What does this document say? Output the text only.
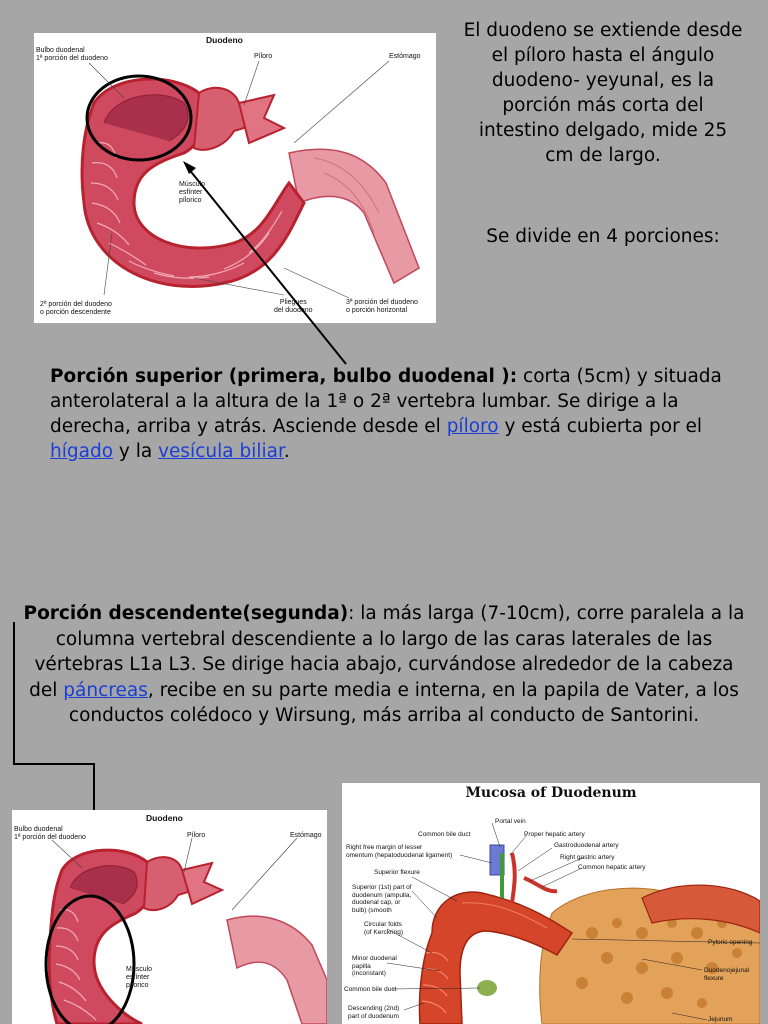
El duodeno se extiende desde el píloro hasta el ángulo duodeno- yeyunal, es la porción más corta del intestino delgado, mide 25 cm de largo.

Se divide en 4 porciones:

Duodeno
Bulbo duodenal
1ª porción del duodeno	Píloro	Estómago
Músculo
esfínter
pílorico
2ª porción del duodeno
o porción descendente
Pliegues
del duodeno
3ª porción del duodeno
o porción horizontal
Porción superior (primera, bulbo duodenal ): corta (5cm) y situada anterolateral a la altura de la 1ª o 2ª vertebra lumbar. Se dirige a la derecha, arriba y atrás. Asciende desde el píloro y está cubierta por el hígado y la vesícula biliar.
Porción descendente(segunda): la más larga (7-10cm), corre paralela a la columna vertebral descendiente a lo largo de las caras laterales de las vértebras L1a L3. Se dirige hacia abajo, curvándose alrededor de la cabeza del páncreas, recibe en su parte media e interna, en la papila de Vater, a los conductos colédoco y Wirsung, más arriba al conducto de Santorini.
Duodeno
Bulbo duodenal
1ª porción del duodeno	Píloro	Estómago
Músculo
esfínter
pílorico
Mucosa of Duodenum
Portal vein
Common bile duct	Proper hepatic artery
Gastroduodenal artery
Right free margin of lesser
omentum (hepatoduodenal ligament)	Right gastric artery
Common hepatic artery
Superior flexure
Superior (1st) part of
duodenum (ampulla,
duodenal cap, or
bulb) (smooth
Circular folds
(of Kerckring)
Pyloric opening
Minor duodenal
papilla
(inconstant)	Duodenojejunal
flexure
Common bile duct
Descending (2nd)
part of duodenum	Jejunum
